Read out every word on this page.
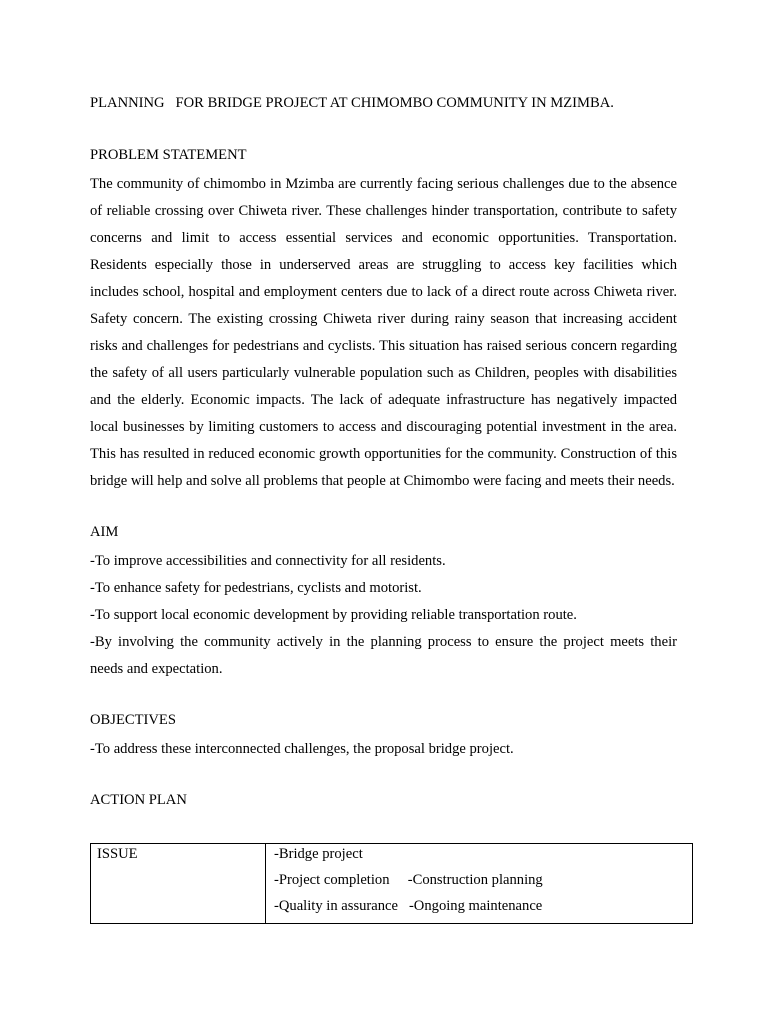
PLANNING   FOR BRIDGE PROJECT AT CHIMOMBO COMMUNITY IN MZIMBA.

PROBLEM STATEMENT

The community of chimombo in Mzimba are currently facing serious challenges due to the absence of reliable crossing over Chiweta river. These challenges hinder transportation, contribute to safety concerns and limit to access essential services and economic opportunities. Transportation. Residents especially those in underserved areas are struggling to access key facilities which includes school, hospital and employment centers due to lack of a direct route across Chiweta river. Safety concern. The existing crossing Chiweta river during rainy season that increasing accident risks and challenges for pedestrians and cyclists. This situation has raised serious concern regarding the safety of all users particularly vulnerable population such as Children, peoples with disabilities and the elderly. Economic impacts. The lack of adequate infrastructure has negatively impacted local businesses by limiting customers to access and discouraging potential investment in the area. This has resulted in reduced economic growth opportunities for the community. Construction of this bridge will help and solve all problems that people at Chimombo were facing and meets their needs.

AIM

-To improve accessibilities and connectivity for all residents.

-To enhance safety for pedestrians, cyclists and motorist.

-To support local economic development by providing reliable transportation route.

-By involving the community actively in the planning process to ensure the project meets their needs and expectation.

OBJECTIVES

-To address these interconnected challenges, the proposal bridge project.

ACTION PLAN

ISSUE	-Bridge project
-Project completion     -Construction planning
-Quality in assurance   -Ongoing maintenance
